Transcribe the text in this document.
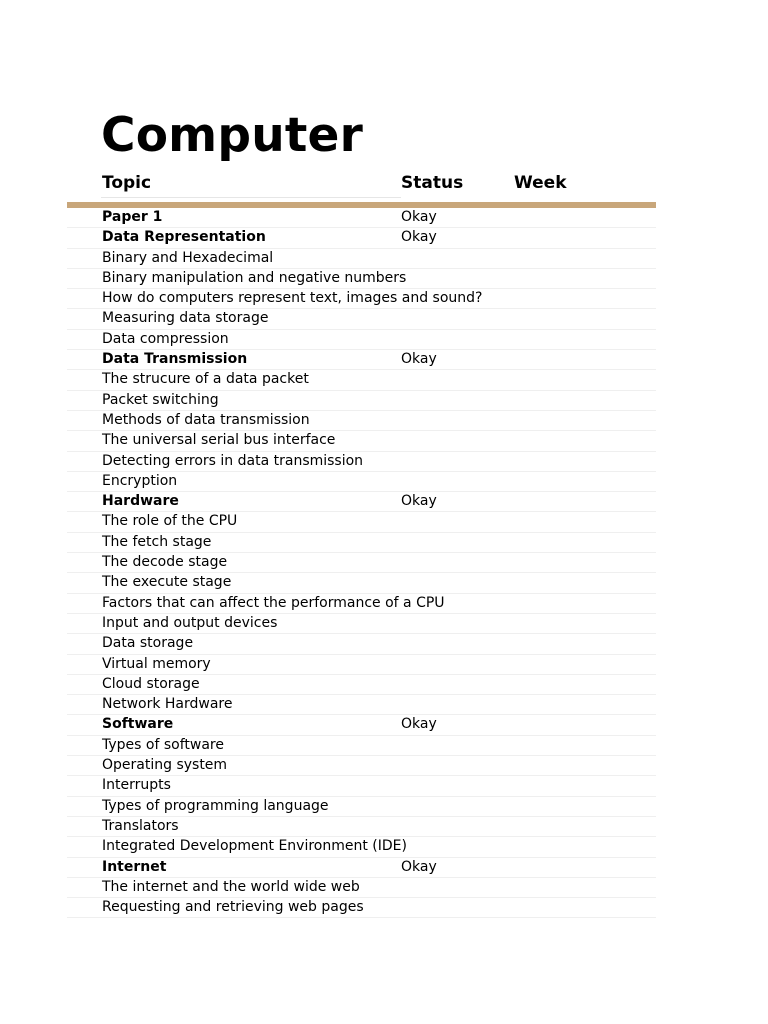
Computer
Topic	Status	Week
Paper 1	Okay
Data Representation	Okay
Binary and Hexadecimal
Binary manipulation and negative numbers
How do computers represent text, images and sound?
Measuring data storage
Data compression
Data Transmission	Okay
The strucure of a data packet
Packet switching
Methods of data transmission
The universal serial bus interface
Detecting errors in data transmission
Encryption
Hardware	Okay
The role of the CPU
The fetch stage
The decode stage
The execute stage
Factors that can affect the performance of a CPU
Input and output devices
Data storage
Virtual memory
Cloud storage
Network Hardware
Software	Okay
Types of software
Operating system
Interrupts
Types of programming language
Translators
Integrated Development Environment (IDE)
Internet	Okay
The internet and the world wide web
Requesting and retrieving web pages
